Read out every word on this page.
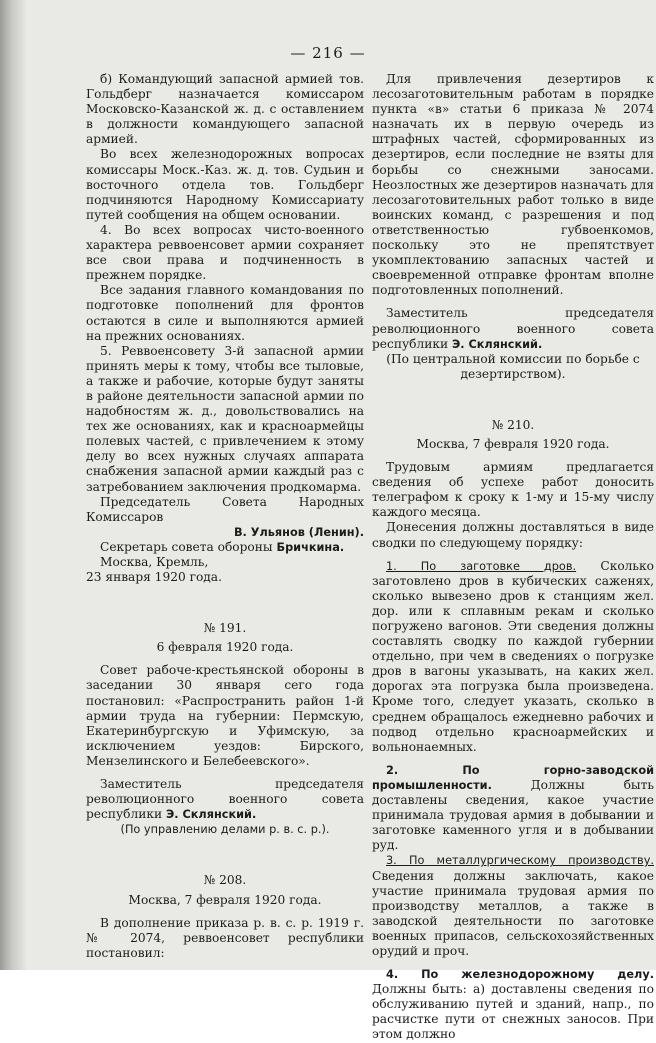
— 216 —

б) Командующий запасной армией тов. Гольдберг назначается комиссаром Московско-Казанской ж. д. с оставлением в должности командующего запасной армией.

Во всех железнодорожных вопросах комиссары Моск.-Каз. ж. д. тов. Судьин и восточного отдела тов. Гольдберг подчиняются Народному Комиссариату путей сообщения на общем основании.

4. Во всех вопросах чисто-военного характера реввоенсовет армии сохраняет все свои права и подчиненность в прежнем порядке.

Все задания главного командования по подготовке пополнений для фронтов остаются в силе и выполняются армией на прежних основаниях.

5. Реввоенсовету 3-й запасной армии принять меры к тому, чтобы все тыловые, а также и рабочие, которые будут заняты в районе деятельности запасной армии по надобностям ж. д., довольствовались на тех же основаниях, как и красноармейцы полевых частей, с привлечением к этому делу во всех нужных случаях аппарата снабжения запасной армии каждый раз с затребованием заключения продкомарма.

Председатель Совета Народных Комиссаров

В. Ульянов (Ленин).

Секретарь совета обороны Бричкина.

Москва, Кремль,

23 января 1920 года.

№ 191.

6 февраля 1920 года.

Совет рабоче-крестьянской обороны в заседании 30 января сего года постановил: «Распространить район 1-й армии труда на губернии: Пермскую, Екатеринбургскую и Уфимскую, за исключением уездов: Бирского, Мензелинского и Белебеевского».

Заместитель председателя революционного военного совета республики Э. Склянский.

(По управлению делами р. в. с. р.).

№ 208.

Москва, 7 февраля 1920 года.

В дополнение приказа р. в. с. р. 1919 г. № 2074, реввоенсовет республики постановил:

Для привлечения дезертиров к лесозаготовительным работам в порядке пункта «в» статьи 6 приказа № 2074 назначать их в первую очередь из штрафных частей, сформированных из дезертиров, если последние не взяты для борьбы со снежными заносами. Неозлостных же дезертиров назначать для лесозаготовительных работ только в виде воинских команд, с разрешения и под ответственностью губвоенкомов, поскольку это не препятствует укомплектованию запасных частей и своевременной отправке фронтам вполне подготовленных пополнений.

Заместитель председателя революционного военного совета республики Э. Склянский.

(По центральной комиссии по борьбе с дезертирством).

№ 210.

Москва, 7 февраля 1920 года.

Трудовым армиям предлагается сведения об успехе работ доносить телеграфом к сроку к 1-му и 15-му числу каждого месяца.

Донесения должны доставляться в виде сводки по следующему порядку:

1. По заготовке дров. Сколько заготовлено дров в кубических саженях, сколько вывезено дров к станциям жел. дор. или к сплавным рекам и сколько погружено вагонов. Эти сведения должны составлять сводку по каждой губернии отдельно, при чем в сведениях о погрузке дров в вагоны указывать, на каких жел. дорогах эта погрузка была произведена. Кроме того, следует указать, сколько в среднем обращалось ежедневно рабочих и подвод отдельно красноармейских и вольнонаемных.

2. По горно-заводской промышленности.	Должны быть доставлены сведения, какое участие принимала трудовая армия в добывании и заготовке каменного угля и в добывании руд.

3. По металлургическому производству. Сведения должны заключать, какое участие принимала трудовая армия по производству металлов, а также в заводской деятельности по заготовке военных припасов, сельскохозяйственных орудий и проч.

4. По железнодорожному делу. Должны быть: а) доставлены сведения по обслуживанию путей и зданий, напр., по расчистке пути от снежных заносов. При этом должно
